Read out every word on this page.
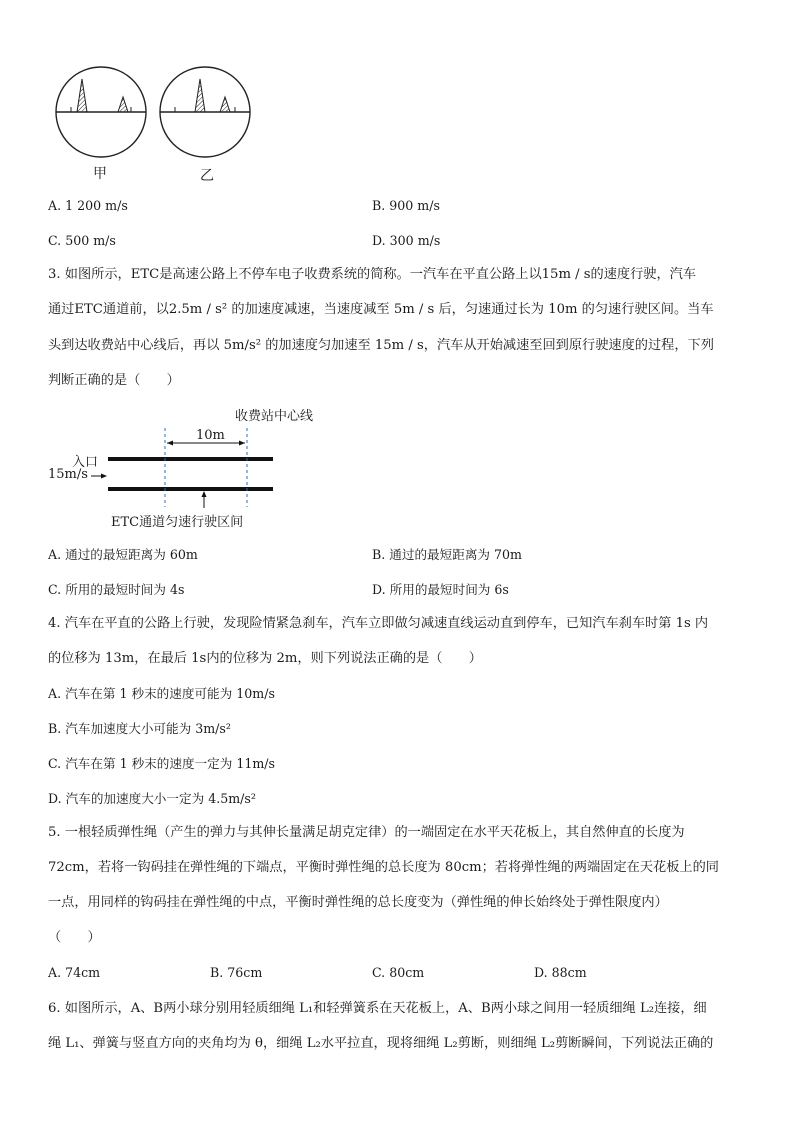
甲	乙
A. 1 200 m/s	B. 900 m/s
C. 500 m/s	D. 300 m/s
3. 如图所示，ETC是高速公路上不停车电子收费系统的简称。一汽车在平直公路上以15m / s的速度行驶，汽车
通过ETC通道前，以2.5m / s² 的加速度减速，当速度减至 5m / s 后，匀速通过长为 10m 的匀速行驶区间。当车
头到达收费站中心线后，再以 5m/s² 的加速度匀加速至 15m / s，汽车从开始减速至回到原行驶速度的过程，下列
判断正确的是（　　）
收费站中心线
10m
入口
15m/s
ETC通道匀速行驶区间
A. 通过的最短距离为 60m	B. 通过的最短距离为 70m
C. 所用的最短时间为 4s	D. 所用的最短时间为 6s
4. 汽车在平直的公路上行驶，发现险情紧急刹车，汽车立即做匀减速直线运动直到停车，已知汽车刹车时第 1s 内
的位移为 13m，在最后 1s内的位移为 2m，则下列说法正确的是（　　）
A. 汽车在第 1 秒末的速度可能为 10m/s
B. 汽车加速度大小可能为 3m/s²
C. 汽车在第 1 秒末的速度一定为 11m/s
D. 汽车的加速度大小一定为 4.5m/s²
5. 一根轻质弹性绳（产生的弹力与其伸长量满足胡克定律）的一端固定在水平天花板上，其自然伸直的长度为
72cm，若将一钩码挂在弹性绳的下端点，平衡时弹性绳的总长度为 80cm；若将弹性绳的两端固定在天花板上的同
一点，用同样的钩码挂在弹性绳的中点，平衡时弹性绳的总长度变为（弹性绳的伸长始终处于弹性限度内）
（　　）
A. 74cm	B. 76cm	C. 80cm	D. 88cm
6. 如图所示，A、B两小球分别用轻质细绳 L₁和轻弹簧系在天花板上，A、B两小球之间用一轻质细绳 L₂连接，细
绳 L₁、弹簧与竖直方向的夹角均为 θ，细绳 L₂水平拉直，现将细绳 L₂剪断，则细绳 L₂剪断瞬间，下列说法正确的
